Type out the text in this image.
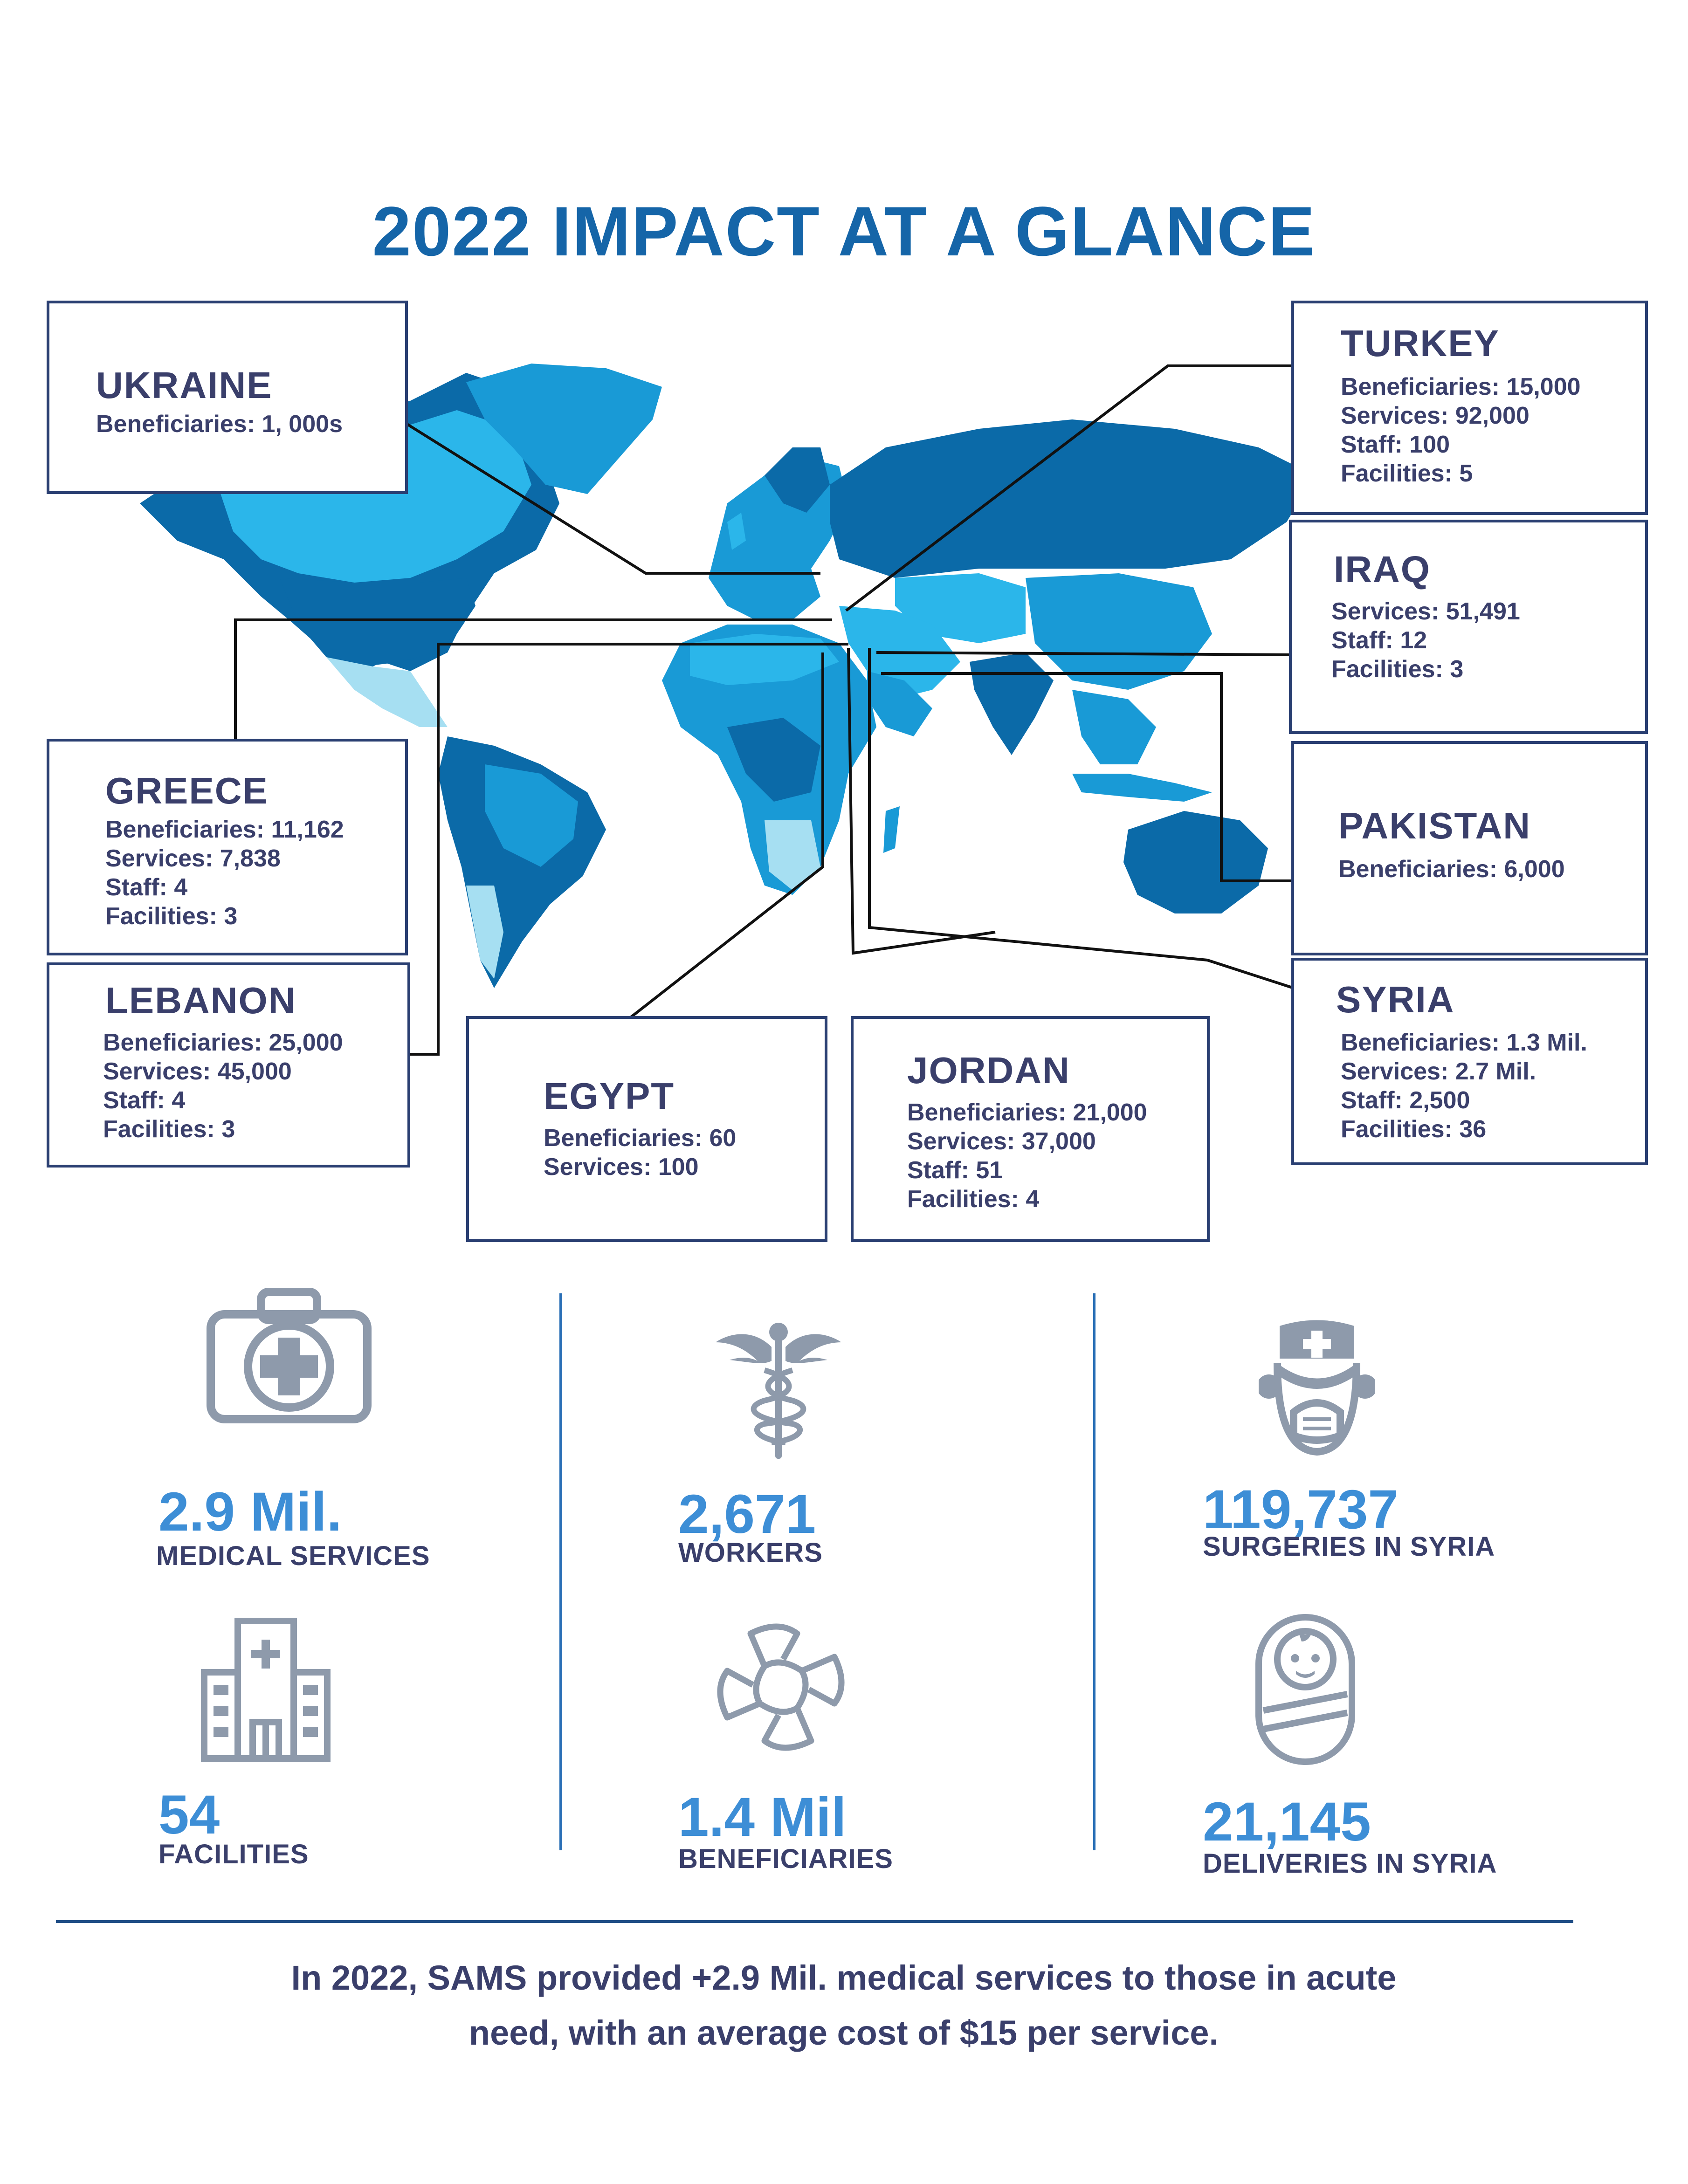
2022 IMPACT AT A GLANCE
UKRAINE
Beneficiaries: 1, 000s
TURKEY
Beneficiaries: 15,000
Services: 92,000
Staff: 100
Facilities: 5
IRAQ
Services: 51,491
Staff: 12
Facilities: 3
GREECE
Beneficiaries: 11,162
Services: 7,838
Staff: 4
Facilities: 3
PAKISTAN
Beneficiaries: 6,000
LEBANON
Beneficiaries: 25,000
Services: 45,000
Staff: 4
Facilities: 3
EGYPT
Beneficiaries: 60
Services: 100
JORDAN
Beneficiaries: 21,000
Services: 37,000
Staff: 51
Facilities: 4
SYRIA
Beneficiaries: 1.3 Mil.
Services: 2.7 Mil.
Staff: 2,500
Facilities: 36
2.9 Mil.
MEDICAL SERVICES
2,671
WORKERS
119,737
SURGERIES IN SYRIA
54
FACILITIES
1.4 Mil
BENEFICIARIES
21,145
DELIVERIES IN SYRIA
In 2022, SAMS provided +2.9 Mil. medical services to those in acute
need, with an average cost of $15 per service.
